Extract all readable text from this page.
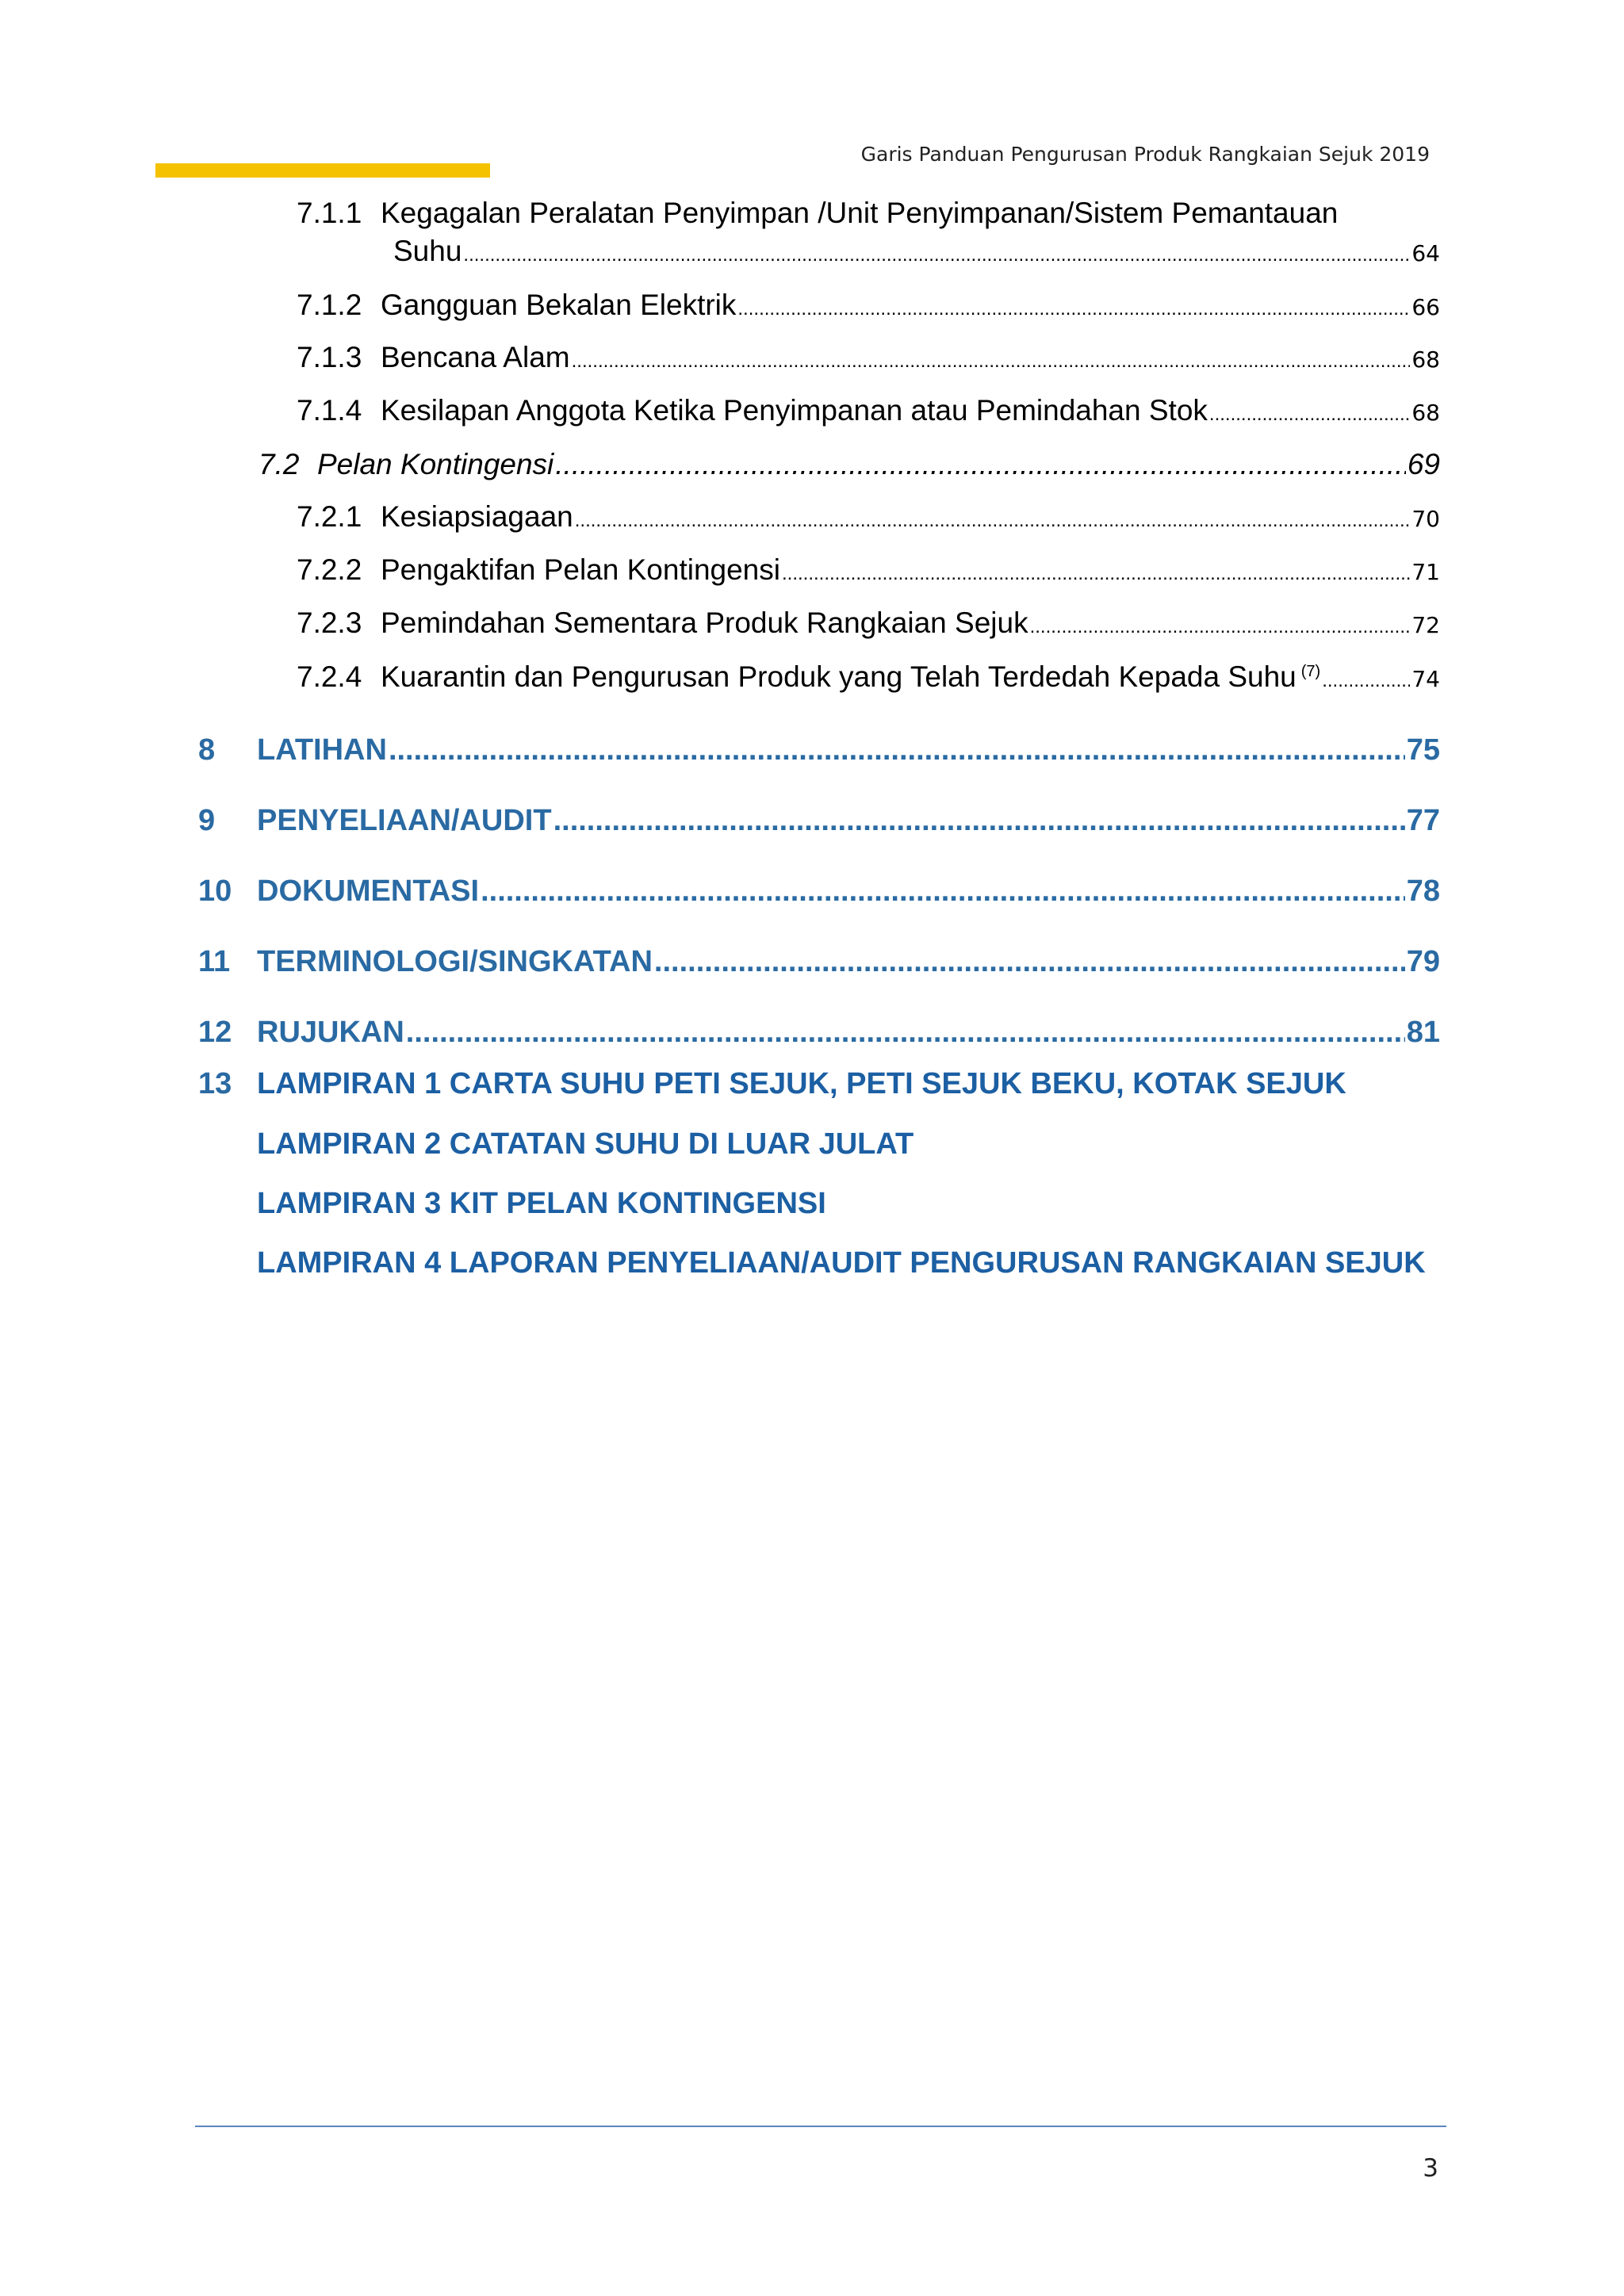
Garis Panduan Pengurusan Produk Rangkaian Sejuk 2019
7.1.1 Kegagalan Peralatan Penyimpan /Unit Penyimpanan/Sistem Pemantauan
Suhu .....	64
7.1.2 Gangguan Bekalan Elektrik .....	66
7.1.3 Bencana Alam .....	68
7.1.4 Kesilapan Anggota Ketika Penyimpanan atau Pemindahan Stok .....	68
7.2 Pelan Kontingensi .....	69
7.2.1 Kesiapsiagaan .....	70
7.2.2 Pengaktifan Pelan Kontingensi .....	71
7.2.3 Pemindahan Sementara Produk Rangkaian Sejuk .....	72
7.2.4 Kuarantin dan Pengurusan Produk yang Telah Terdedah Kepada Suhu $^{(7)}$ .....	74
8	LATIHAN .....	75
9	PENYELIAAN/AUDIT .....	77
10 DOKUMENTASI .....	78
11 TERMINOLOGI/SINGKATAN .....	79
12 RUJUKAN .....	81
13 LAMPIRAN 1 CARTA SUHU PETI SEJUK, PETI SEJUK BEKU, KOTAK SEJUK
LAMPIRAN 2 CATATAN SUHU DI LUAR JULAT
LAMPIRAN 3 KIT PELAN KONTINGENSI
LAMPIRAN 4 LAPORAN PENYELIAAN/AUDIT PENGURUSAN RANGKAIAN SEJUK
3
